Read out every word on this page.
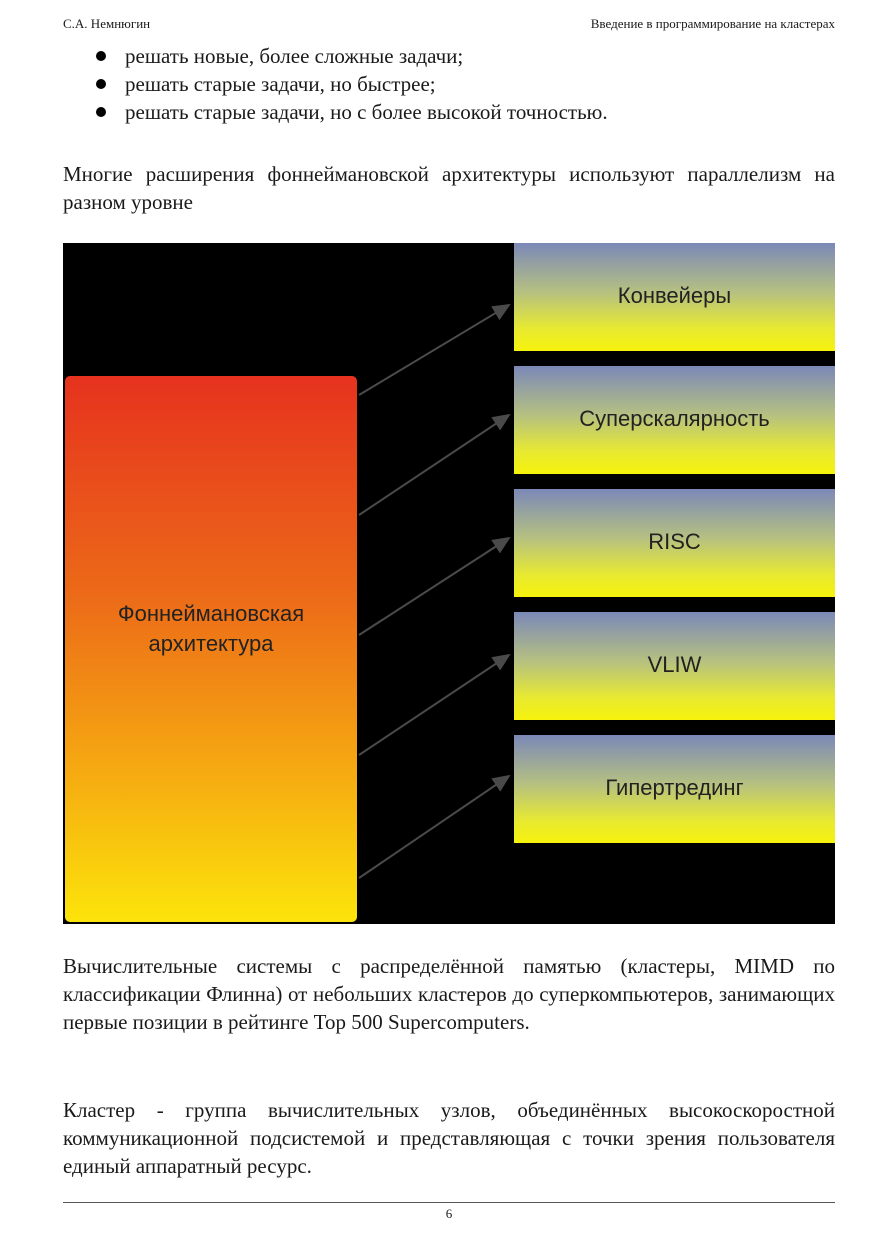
С.А. Немнюгин	Введение в программирование на кластерах
решать новые, более сложные задачи;
решать старые задачи, но быстрее;
решать старые задачи, но с более высокой точностью.

Многие расширения фоннеймановской архитектуры используют параллелизм на разном уровне

Фоннеймановская
архитектура
Конвейеры
Суперскалярность
RISC
VLIW
Гипертрединг

Вычислительные системы с распределённой памятью (кластеры, MIMD по классификации Флинна) от небольших кластеров до суперкомпьютеров, занимающих первые позиции в рейтинге Top 500 Supercomputers.

Кластер - группа вычислительных узлов, объединённых высокоскоростной коммуникационной подсистемой и представляющая с точки зрения пользователя единый аппаратный ресурс.

6
